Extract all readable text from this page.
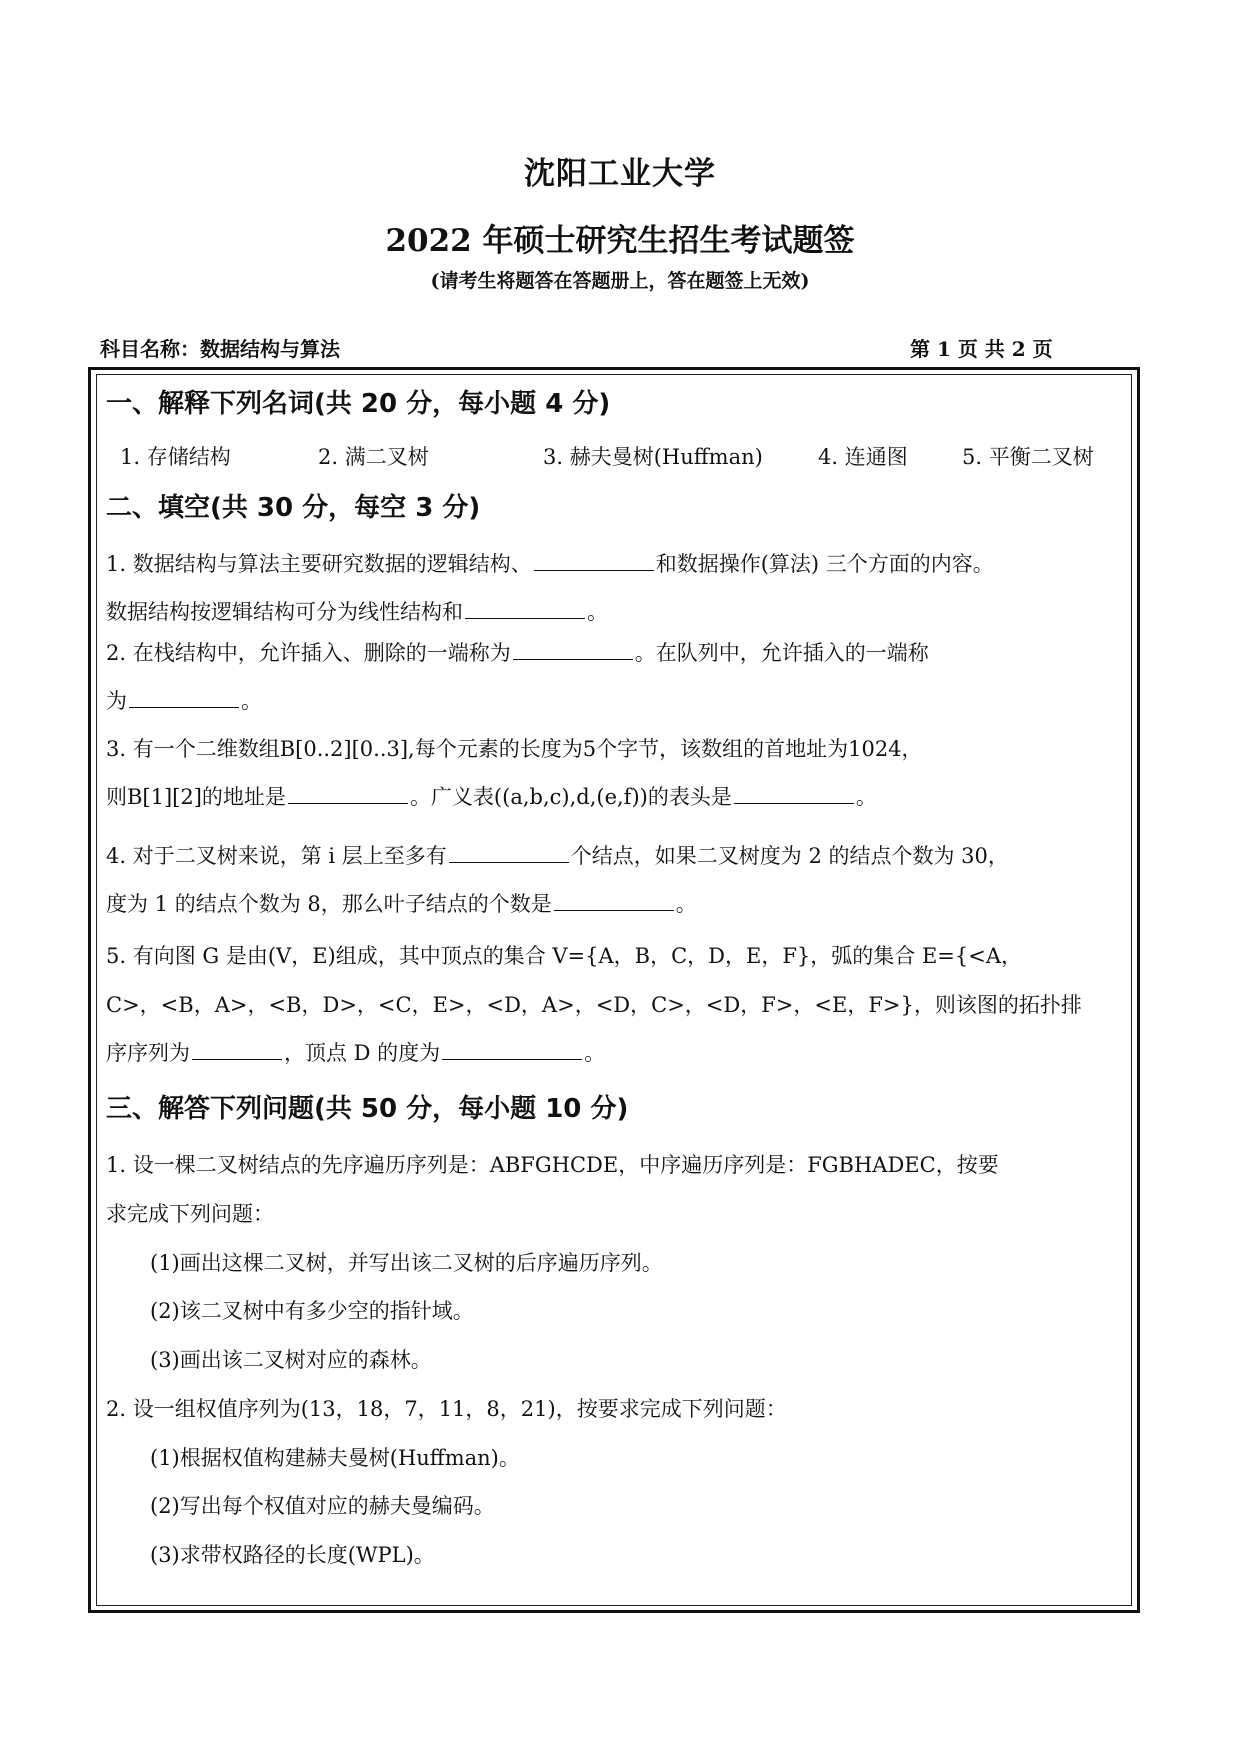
沈阳工业大学
2022 年硕士研究生招生考试题签
(请考生将题答在答题册上，答在题签上无效)
科目名称：数据结构与算法	第 1 页 共 2 页
一、解释下列名词(共 20 分，每小题 4 分)
1. 存储结构	2. 满二叉树	3. 赫夫曼树(Huffman)	4. 连通图	5. 平衡二叉树
二、填空(共 30 分，每空 3 分)
1. 数据结构与算法主要研究数据的逻辑结构、	和数据操作(算法) 三个方面的内容。
数据结构按逻辑结构可分为线性结构和	。
2. 在栈结构中，允许插入、删除的一端称为	。在队列中，允许插入的一端称
为	。
3. 有一个二维数组B[0..2][0..3],每个元素的长度为5个字节，该数组的首地址为1024，
则B[1][2]的地址是	。广义表((a,b,c),d,(e,f))的表头是	。
4. 对于二叉树来说，第 i 层上至多有	个结点，如果二叉树度为 2 的结点个数为 30，
度为 1 的结点个数为 8，那么叶子结点的个数是	。
5. 有向图 G 是由(V，E)组成，其中顶点的集合 V={A，B，C，D，E，F}，弧的集合 E={<A，
C>，<B，A>，<B，D>，<C，E>，<D，A>，<D，C>，<D，F>，<E，F>}，则该图的拓扑排
序序列为	，顶点 D 的度为	。
三、解答下列问题(共 50 分，每小题 10 分)
1. 设一棵二叉树结点的先序遍历序列是：ABFGHCDE，中序遍历序列是：FGBHADEC，按要
求完成下列问题：
(1)画出这棵二叉树，并写出该二叉树的后序遍历序列。
(2)该二叉树中有多少空的指针域。
(3)画出该二叉树对应的森林。
2. 设一组权值序列为(13，18，7，11，8，21)，按要求完成下列问题：
(1)根据权值构建赫夫曼树(Huffman)。
(2)写出每个权值对应的赫夫曼编码。
(3)求带权路径的长度(WPL)。
